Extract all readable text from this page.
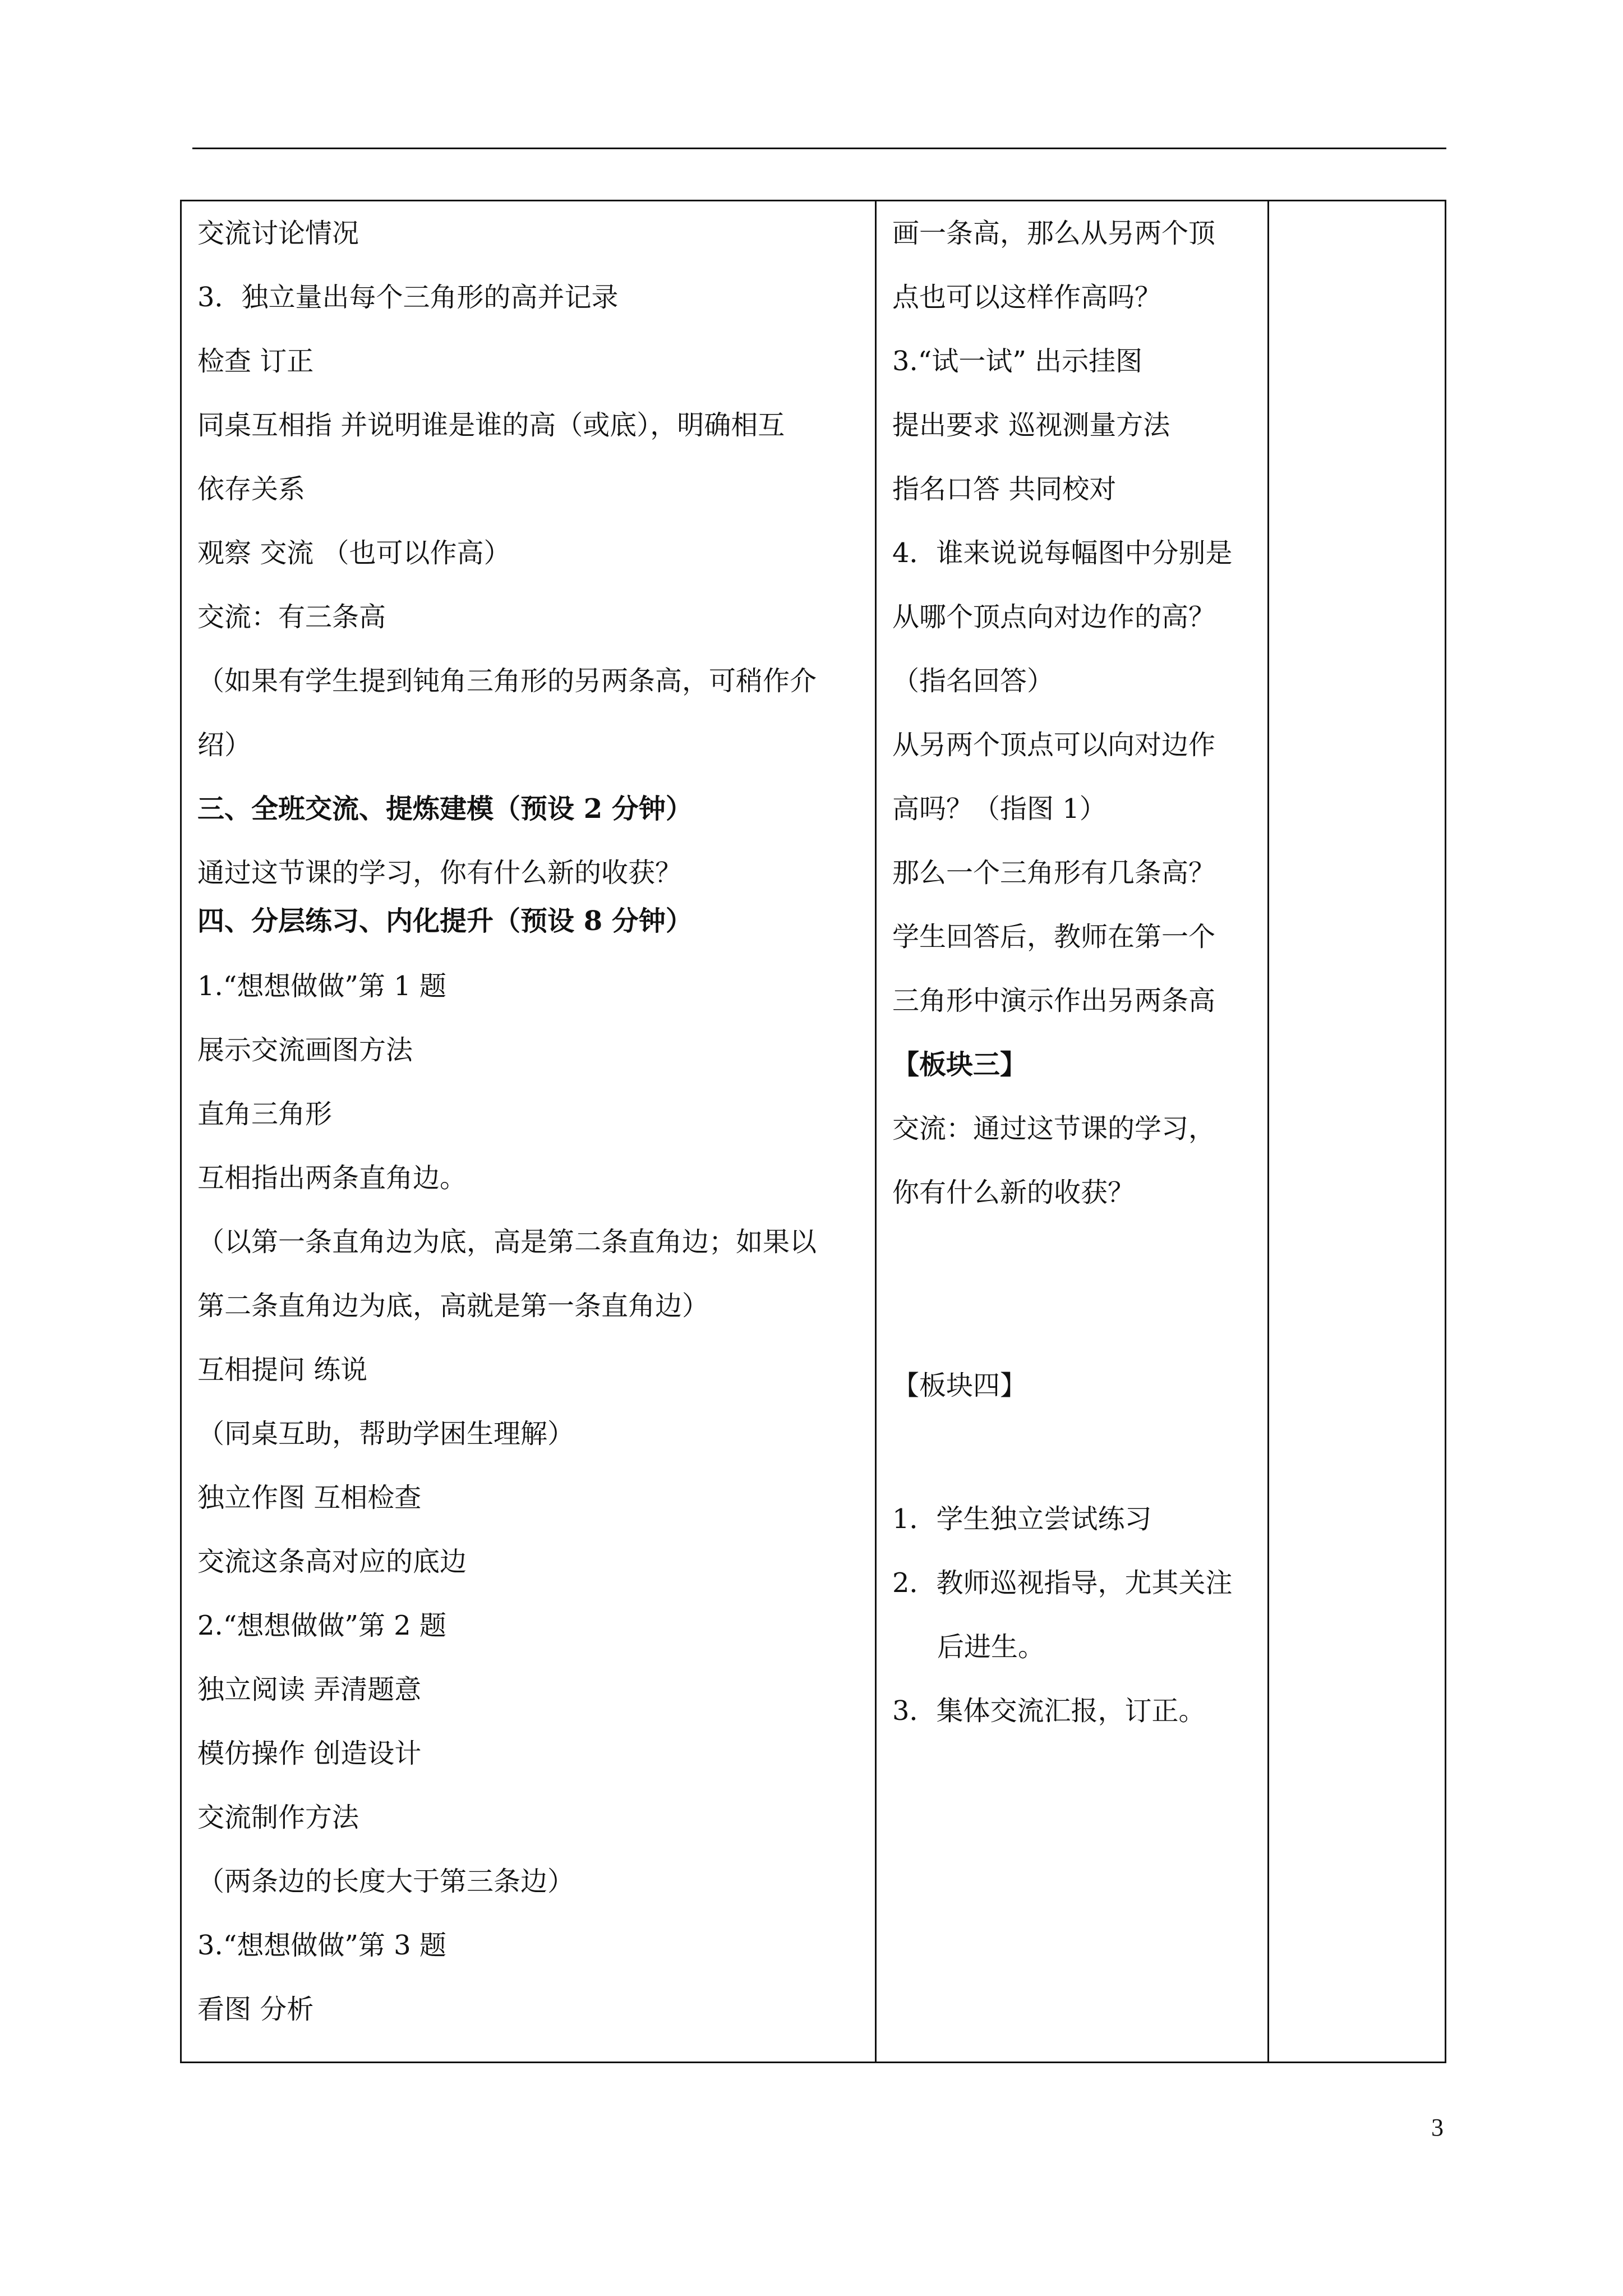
交流讨论情况
3．独立量出每个三角形的高并记录
检查 订正
同桌互相指 并说明谁是谁的高（或底），明确相互
依存关系
观察 交流 （也可以作高）
交流：有三条高
（如果有学生提到钝角三角形的另两条高，可稍作介
绍）
三、全班交流、提炼建模（预设 2 分钟）
通过这节课的学习，你有什么新的收获？
四、分层练习、内化提升（预设 8 分钟）
1.“想想做做”第 1 题
展示交流画图方法
直角三角形
互相指出两条直角边。
（以第一条直角边为底，高是第二条直角边；如果以
第二条直角边为底，高就是第一条直角边）
互相提问 练说
（同桌互助，帮助学困生理解）
独立作图 互相检查
交流这条高对应的底边
2.“想想做做”第 2 题
独立阅读 弄清题意
模仿操作 创造设计
交流制作方法
（两条边的长度大于第三条边）
3.“想想做做”第 3 题
看图 分析

画一条高，那么从另两个顶
点也可以这样作高吗？
3.“试一试” 出示挂图
提出要求 巡视测量方法
指名口答 共同校对
4．谁来说说每幅图中分别是
从哪个顶点向对边作的高？
（指名回答）
从另两个顶点可以向对边作
高吗？（指图 1）
那么一个三角形有几条高？
学生回答后，教师在第一个
三角形中演示作出另两条高
【板块三】
交流：通过这节课的学习，
你有什么新的收获？
【板块四】
1．学生独立尝试练习
2．教师巡视指导，尤其关注
后进生。
3．集体交流汇报，订正。

3
